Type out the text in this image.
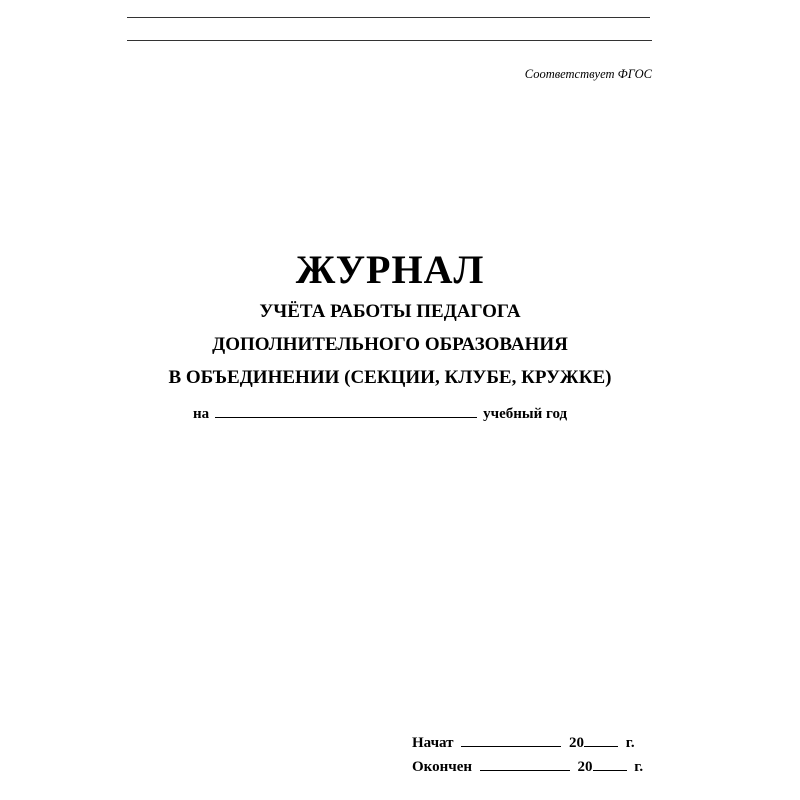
Соответствует ФГОС
ЖУРНАЛ
УЧЁТА РАБОТЫ ПЕДАГОГА
ДОПОЛНИТЕЛЬНОГО ОБРАЗОВАНИЯ
В ОБЪЕДИНЕНИИ (СЕКЦИИ, КЛУБЕ, КРУЖКЕ)
на	учебный год
Начат	20	г.
Окончен	20	г.
